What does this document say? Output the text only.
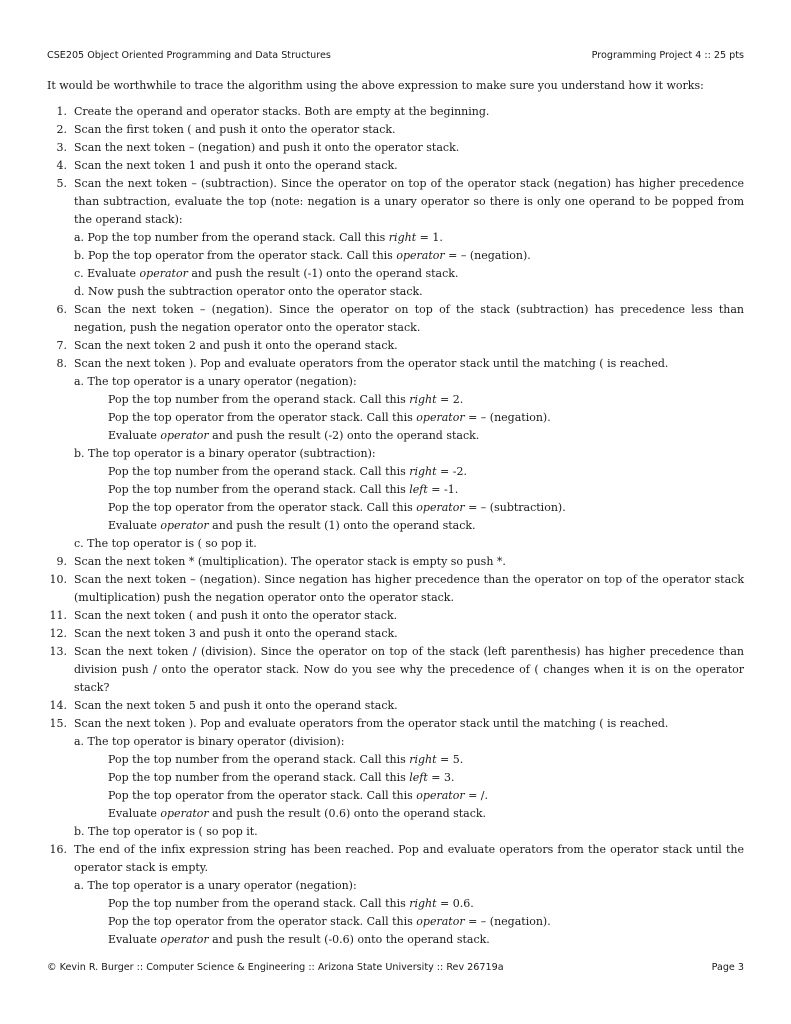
CSE205 Object Oriented Programming and Data Structures	Programming Project 4 :: 25 pts

It would be worthwhile to trace the algorithm using the above expression to make sure you understand how it works:

1. Create the operand and operator stacks. Both are empty at the beginning.
2. Scan the first token ( and push it onto the operator stack.
3. Scan the next token – (negation) and push it onto the operator stack.
4. Scan the next token 1 and push it onto the operand stack.
5. Scan the next token – (subtraction). Since the operator on top of the operator stack (negation) has higher precedence than subtraction, evaluate the top (note: negation is a unary operator so there is only one operand to be popped from the operand stack):
a. Pop the top number from the operand stack. Call this right = 1.
b. Pop the top operator from the operator stack. Call this operator = – (negation).
c. Evaluate operator and push the result (-1) onto the operand stack.
d. Now push the subtraction operator onto the operator stack.
6. Scan the next token – (negation). Since the operator on top of the stack (subtraction) has precedence less than negation, push the negation operator onto the operator stack.
7. Scan the next token 2 and push it onto the operand stack.
8. Scan the next token ). Pop and evaluate operators from the operator stack until the matching ( is reached.
a. The top operator is a unary operator (negation):
Pop the top number from the operand stack. Call this right = 2.
Pop the top operator from the operator stack. Call this operator = – (negation).
Evaluate operator and push the result (-2) onto the operand stack.
b. The top operator is a binary operator (subtraction):
Pop the top number from the operand stack. Call this right = -2.
Pop the top number from the operand stack. Call this left = -1.
Pop the top operator from the operator stack. Call this operator = – (subtraction).
Evaluate operator and push the result (1) onto the operand stack.
c. The top operator is ( so pop it.
9. Scan the next token * (multiplication). The operator stack is empty so push *.
10. Scan the next token – (negation). Since negation has higher precedence than the operator on top of the operator stack (multiplication) push the negation operator onto the operator stack.
11. Scan the next token ( and push it onto the operator stack.
12. Scan the next token 3 and push it onto the operand stack.
13. Scan the next token / (division). Since the operator on top of the stack (left parenthesis) has higher precedence than division push / onto the operator stack. Now do you see why the precedence of ( changes when it is on the operator stack?
14. Scan the next token 5 and push it onto the operand stack.
15. Scan the next token ). Pop and evaluate operators from the operator stack until the matching ( is reached.
a. The top operator is binary operator (division):
Pop the top number from the operand stack. Call this right = 5.
Pop the top number from the operand stack. Call this left = 3.
Pop the top operator from the operator stack. Call this operator = /.
Evaluate operator and push the result (0.6) onto the operand stack.
b. The top operator is ( so pop it.
16. The end of the infix expression string has been reached. Pop and evaluate operators from the operator stack until the operator stack is empty.
a. The top operator is a unary operator (negation):
Pop the top number from the operand stack. Call this right = 0.6.
Pop the top operator from the operator stack. Call this operator = – (negation).
Evaluate operator and push the result (-0.6) onto the operand stack.
© Kevin R. Burger :: Computer Science & Engineering :: Arizona State University :: Rev 26719a	Page 3
